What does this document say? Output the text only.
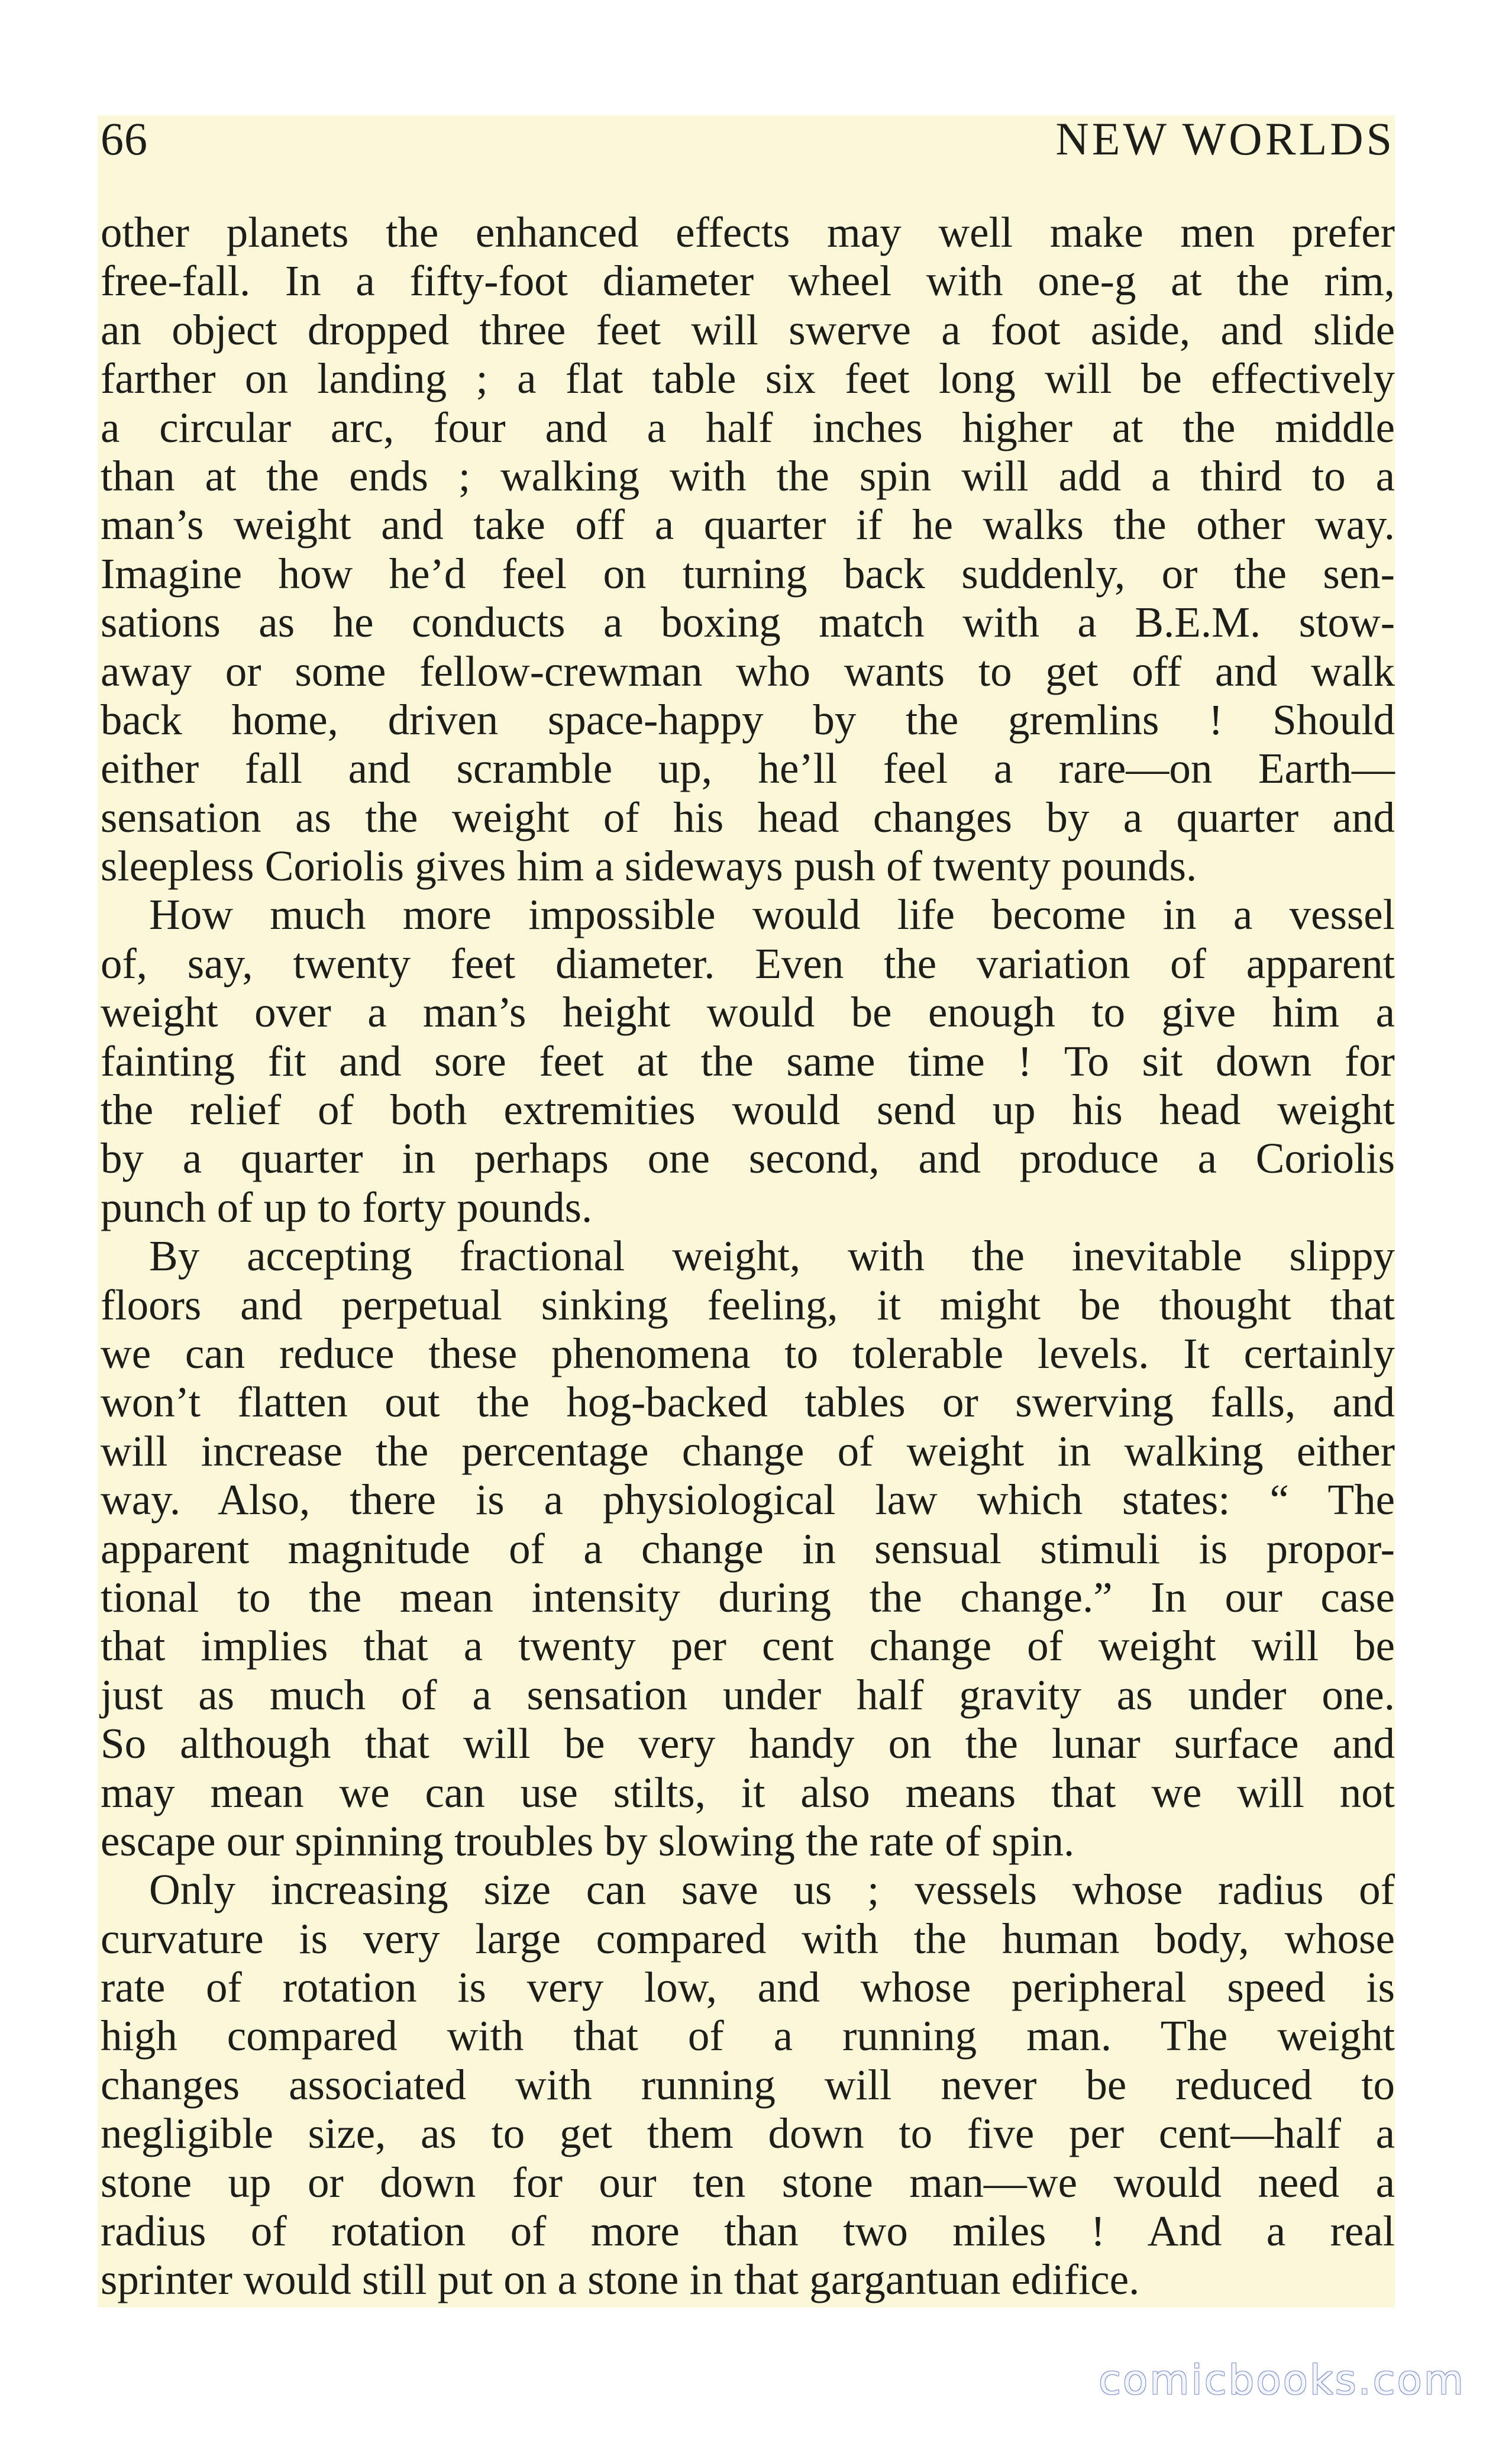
66	NEW WORLDS
other planets the enhanced effects may well make men prefer
free-fall. In a fifty-foot diameter wheel with one-g at the rim,
an object dropped three feet will swerve a foot aside, and slide
farther on landing ; a flat table six feet long will be effectively
a circular arc, four and a half inches higher at the middle
than at the ends ; walking with the spin will add a third to a
man’s weight and take off a quarter if he walks the other way.
Imagine how he’d feel on turning back suddenly, or the sen-
sations as he conducts a boxing match with a B.E.M. stow-
away or some fellow-crewman who wants to get off and walk
back home, driven space-happy by the gremlins ! Should
either fall and scramble up, he’ll feel a rare—on Earth—
sensation as the weight of his head changes by a quarter and
sleepless Coriolis gives him a sideways push of twenty pounds.
How much more impossible would life become in a vessel
of, say, twenty feet diameter. Even the variation of apparent
weight over a man’s height would be enough to give him a
fainting fit and sore feet at the same time ! To sit down for
the relief of both extremities would send up his head weight
by a quarter in perhaps one second, and produce a Coriolis
punch of up to forty pounds.
By accepting fractional weight, with the inevitable slippy
floors and perpetual sinking feeling, it might be thought that
we can reduce these phenomena to tolerable levels. It certainly
won’t flatten out the hog-backed tables or swerving falls, and
will increase the percentage change of weight in walking either
way. Also, there is a physiological law which states: “ The
apparent magnitude of a change in sensual stimuli is propor-
tional to the mean intensity during the change.” In our case
that implies that a twenty per cent change of weight will be
just as much of a sensation under half gravity as under one.
So although that will be very handy on the lunar surface and
may mean we can use stilts, it also means that we will not
escape our spinning troubles by slowing the rate of spin.
Only increasing size can save us ; vessels whose radius of
curvature is very large compared with the human body, whose
rate of rotation is very low, and whose peripheral speed is
high compared with that of a running man. The weight
changes associated with running will never be reduced to
negligible size, as to get them down to five per cent—half a
stone up or down for our ten stone man—we would need a
radius of rotation of more than two miles ! And a real
sprinter would still put on a stone in that gargantuan edifice.
comicbooks.com
